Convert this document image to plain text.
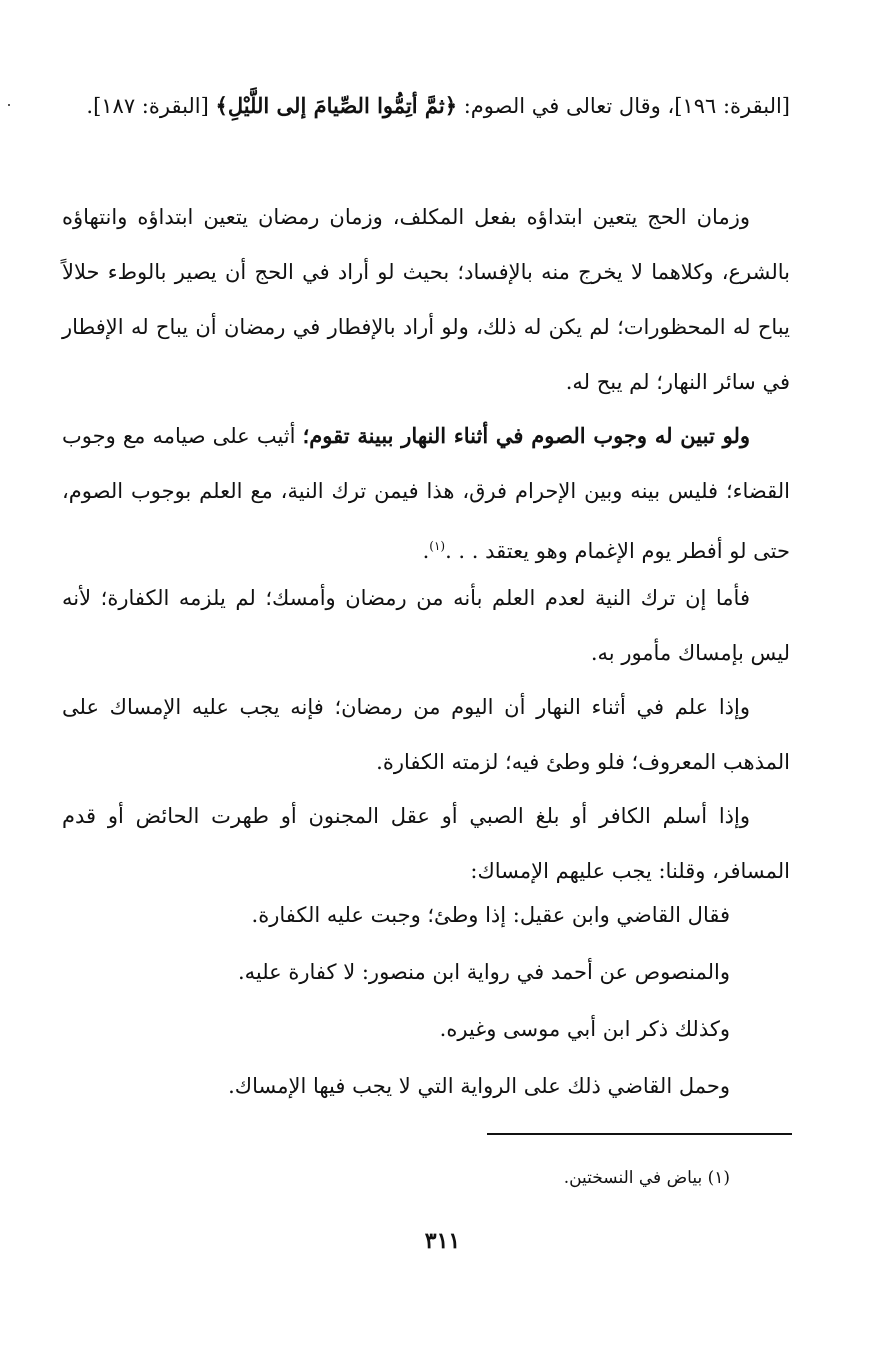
[البقرة: ١٩٦]، وقال تعالى في الصوم: ﴿ثمَّ أتِمُّوا الصِّيامَ إلى اللَّيْلِ﴾ [البقرة: ١٨٧].

وزمان الحج يتعين ابتداؤه بفعل المكلف، وزمان رمضان يتعين ابتداؤه وانتهاؤه بالشرع، وكلاهما لا يخرج منه بالإفساد؛ بحيث لو أراد في الحج أن يصير بالوطء حلالاً يباح له المحظورات؛ لم يكن له ذلك، ولو أراد بالإفطار في رمضان أن يباح له الإفطار في سائر النهار؛ لم يبح له.

ولو تبين له وجوب الصوم في أثناء النهار ببينة تقوم؛ أثيب على صيامه مع وجوب القضاء؛ فليس بينه وبين الإحرام فرق، هذا فيمن ترك النية، مع العلم بوجوب الصوم، حتى لو أفطر يوم الإغمام وهو يعتقد . . .$^{(١)}$.

فأما إن ترك النية لعدم العلم بأنه من رمضان وأمسك؛ لم يلزمه الكفارة؛ لأنه ليس بإمساك مأمور به.

وإذا علم في أثناء النهار أن اليوم من رمضان؛ فإنه يجب عليه الإمساك على المذهب المعروف؛ فلو وطئ فيه؛ لزمته الكفارة.

وإذا أسلم الكافر أو بلغ الصبي أو عقل المجنون أو طهرت الحائض أو قدم المسافر، وقلنا: يجب عليهم الإمساك:

فقال القاضي وابن عقيل: إذا وطئ؛ وجبت عليه الكفارة.

والمنصوص عن أحمد في رواية ابن منصور: لا كفارة عليه.

وكذلك ذكر ابن أبي موسى وغيره.

وحمل القاضي ذلك على الرواية التي لا يجب فيها الإمساك.

(١) بياض في النسختين.

٣١١
